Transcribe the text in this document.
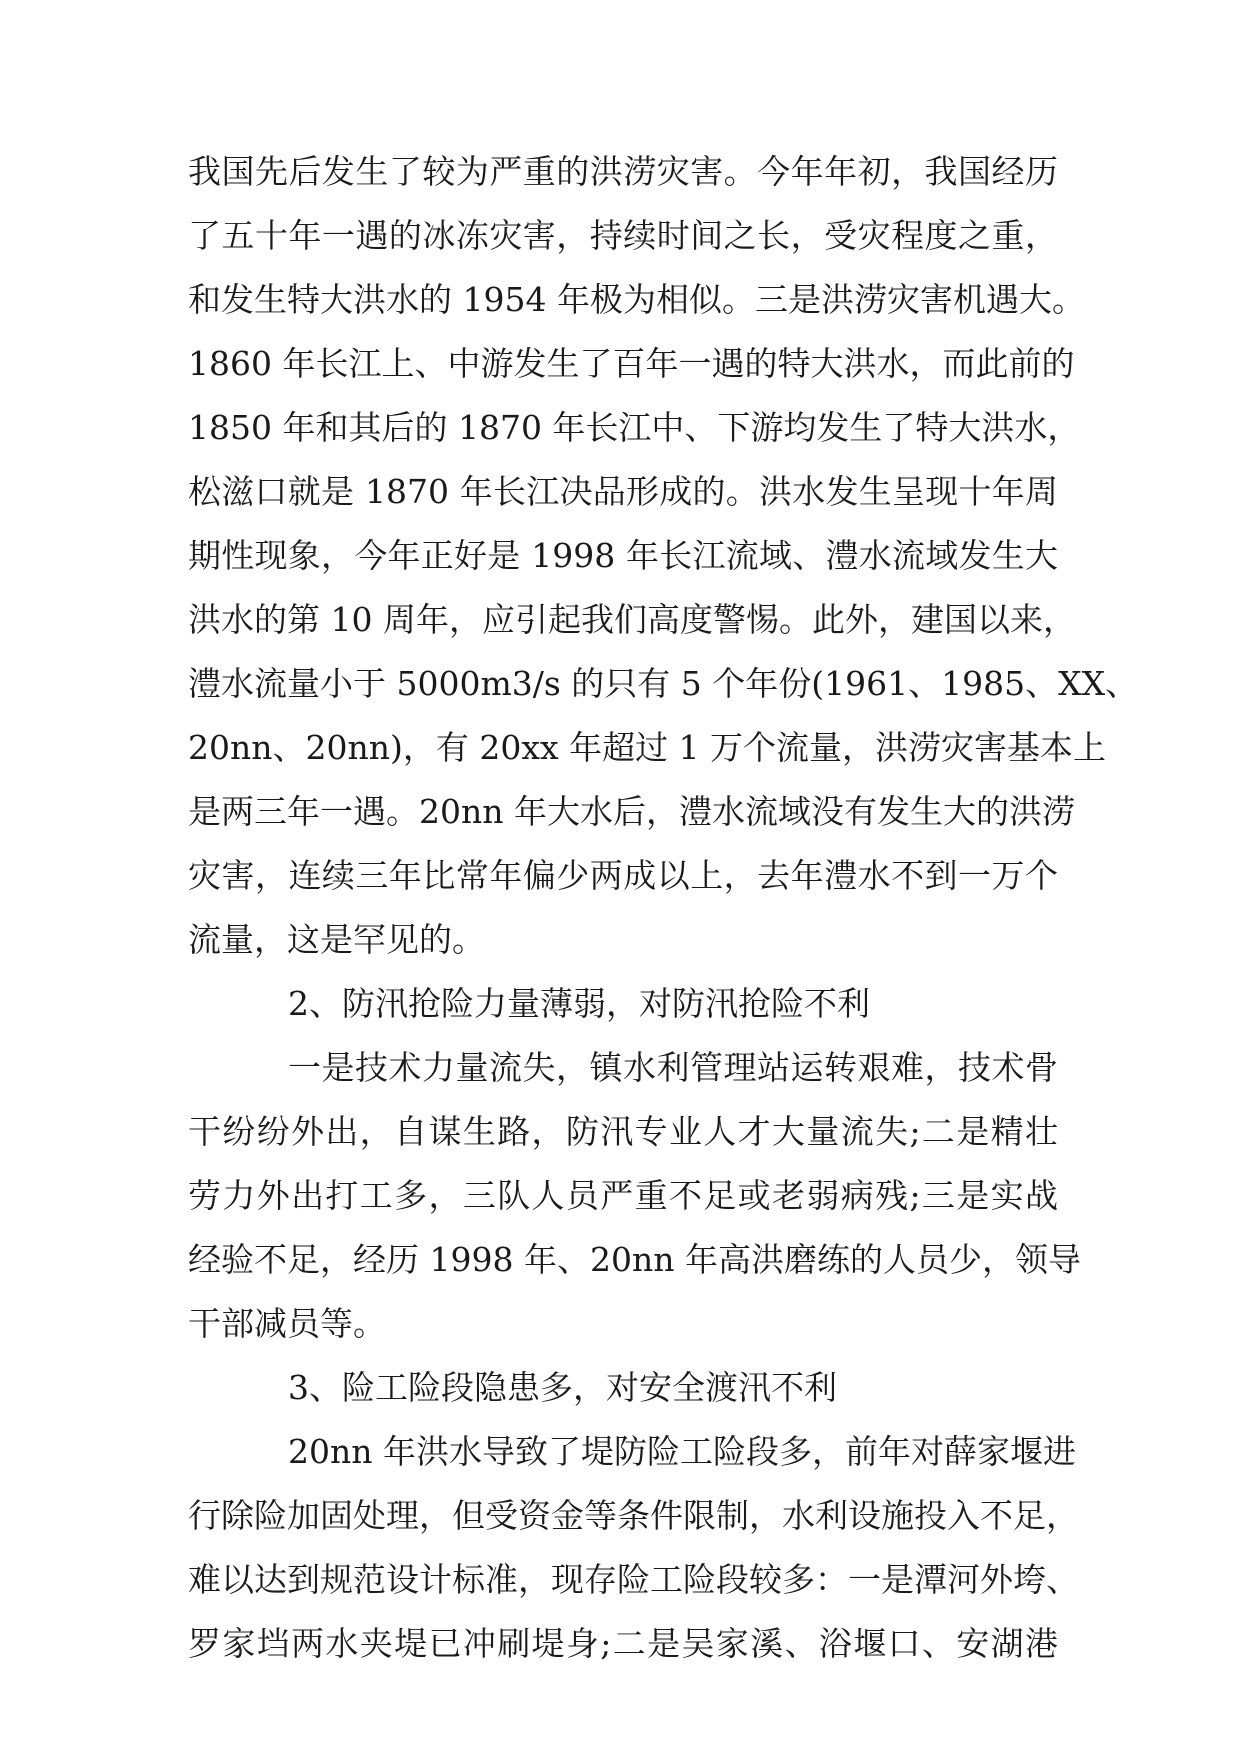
我国先后发生了较为严重的洪涝灾害。今年年初，我国经历
了五十年一遇的冰冻灾害，持续时间之长，受灾程度之重，
和发生特大洪水的 1954 年极为相似。三是洪涝灾害机遇大。
1860 年长江上、中游发生了百年一遇的特大洪水，而此前的
1850 年和其后的 1870 年长江中、下游均发生了特大洪水，
松滋口就是 1870 年长江决品形成的。洪水发生呈现十年周
期性现象，今年正好是 1998 年长江流域、澧水流域发生大
洪水的第 10 周年，应引起我们高度警惕。此外，建国以来，
澧水流量小于 5000m3/s 的只有 5 个年份(1961、1985、XX、
20nn、20nn)，有 20xx 年超过 1 万个流量，洪涝灾害基本上
是两三年一遇。20nn 年大水后，澧水流域没有发生大的洪涝
灾害，连续三年比常年偏少两成以上，去年澧水不到一万个
流量，这是罕见的。
2、防汛抢险力量薄弱，对防汛抢险不利
一是技术力量流失，镇水利管理站运转艰难，技术骨
干纷纷外出，自谋生路，防汛专业人才大量流失;二是精壮
劳力外出打工多，三队人员严重不足或老弱病残;三是实战
经验不足，经历 1998 年、20nn 年高洪磨练的人员少，领导
干部减员等。
3、险工险段隐患多，对安全渡汛不利
20nn 年洪水导致了堤防险工险段多，前年对薛家堰进
行除险加固处理，但受资金等条件限制，水利设施投入不足，
难以达到规范设计标准，现存险工险段较多：一是潭河外垮、
罗家垱两水夹堤已冲刷堤身;二是吴家溪、浴堰口、安湖港
